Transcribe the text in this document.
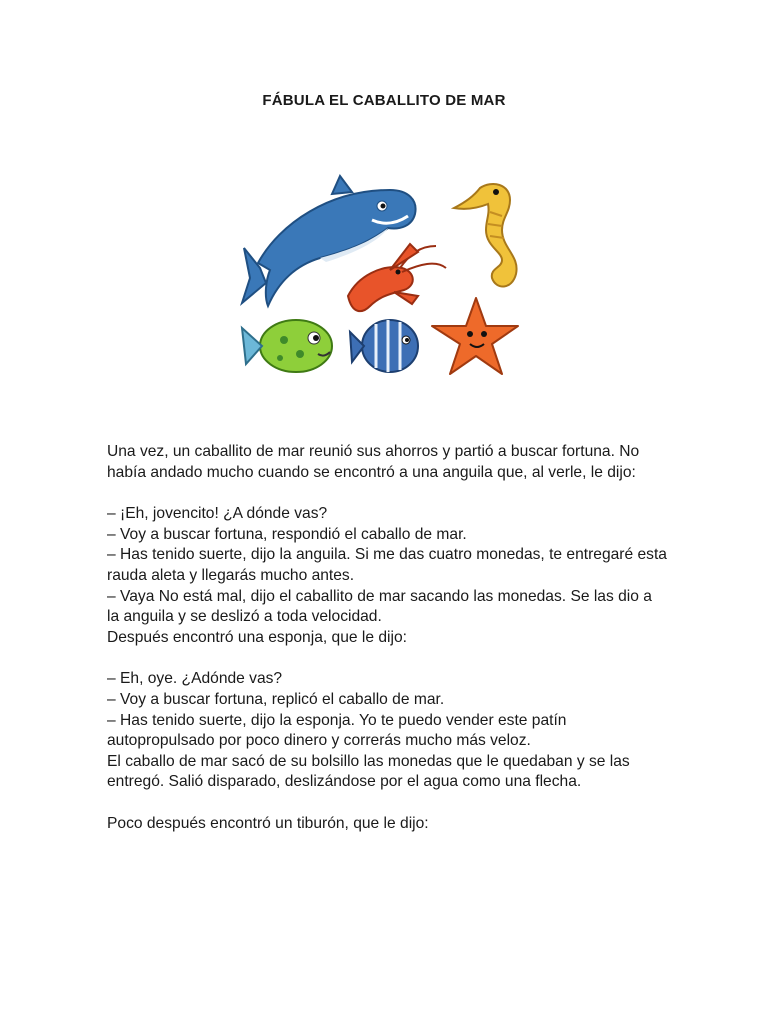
FÁBULA EL CABALLITO DE MAR

Una vez, un caballito de mar reunió sus ahorros y partió a buscar fortuna. No había andado mucho cuando se encontró a una anguila que, al verle, le dijo:

– ¡Eh, jovencito! ¿A dónde vas?

– Voy a buscar fortuna, respondió el caballo de mar.

– Has tenido suerte, dijo la anguila. Si me das cuatro monedas, te entregaré esta rauda aleta y llegarás mucho antes.

– Vaya No está mal, dijo el caballito de mar sacando las monedas. Se las dio a la anguila y se deslizó a toda velocidad.

Después encontró una esponja, que le dijo:

– Eh, oye. ¿Adónde vas?

– Voy a buscar fortuna, replicó el caballo de mar.

– Has tenido suerte, dijo la esponja. Yo te puedo vender este patín autopropulsado por poco dinero y correrás mucho más veloz.

El caballo de mar sacó de su bolsillo las monedas que le quedaban y se las entregó. Salió disparado, deslizándose por el agua como una flecha.

Poco después encontró un tiburón, que le dijo:
